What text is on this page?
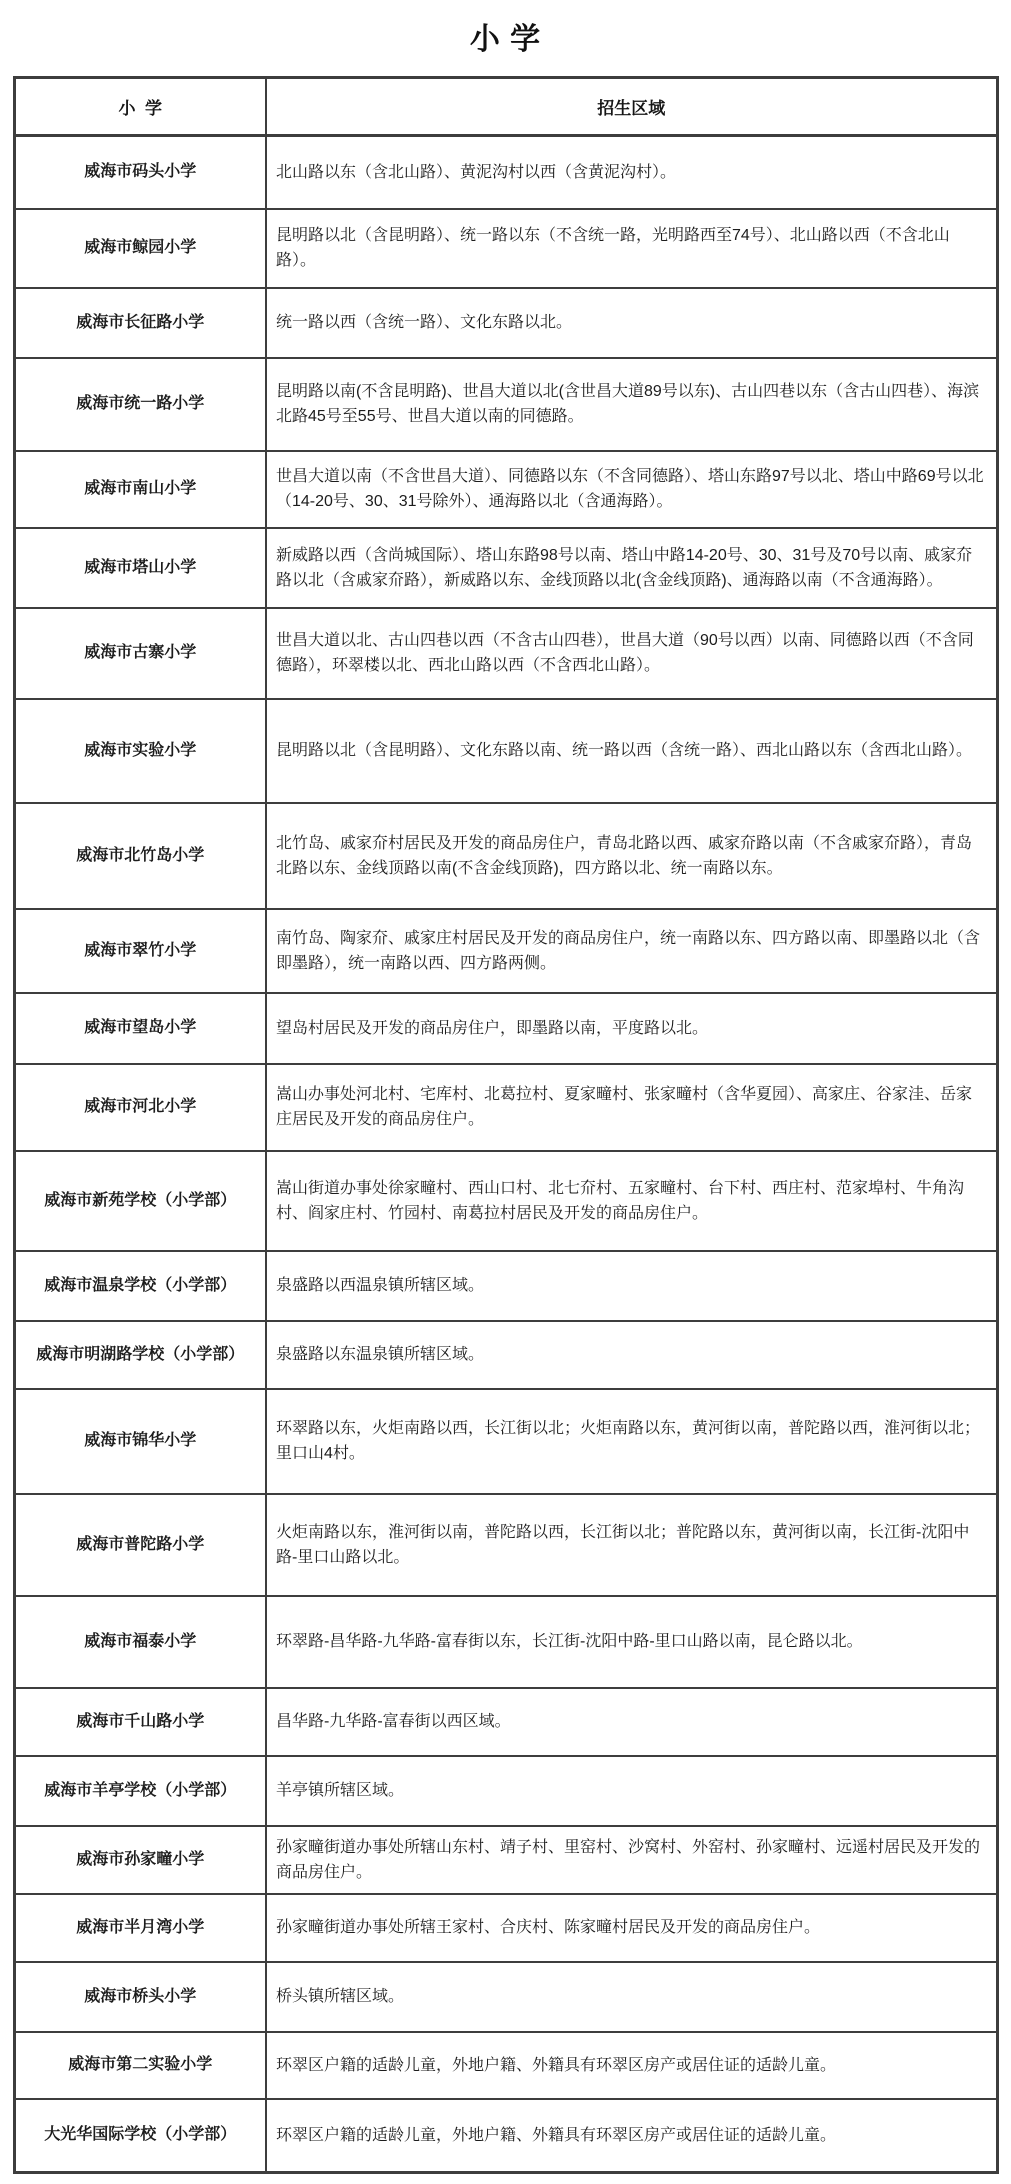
小 学
小  学	招生区域
威海市码头小学	北山路以东（含北山路）、黄泥沟村以西（含黄泥沟村）。
威海市鲸园小学	昆明路以北（含昆明路）、统一路以东（不含统一路，光明路西至74号）、北山路以西（不含北山路）。
威海市长征路小学	统一路以西（含统一路）、文化东路以北。
威海市统一路小学	昆明路以南(不含昆明路)、世昌大道以北(含世昌大道89号以东)、古山四巷以东（含古山四巷）、海滨北路45号至55号、世昌大道以南的同德路。
威海市南山小学	世昌大道以南（不含世昌大道）、同德路以东（不含同德路）、塔山东路97号以北、塔山中路69号以北（14-20号、30、31号除外）、通海路以北（含通海路）。
威海市塔山小学	新威路以西（含尚城国际）、塔山东路98号以南、塔山中路14-20号、30、31号及70号以南、戚家夼路以北（含戚家夼路），新威路以东、金线顶路以北(含金线顶路)、通海路以南（不含通海路）。
威海市古寨小学	世昌大道以北、古山四巷以西（不含古山四巷），世昌大道（90号以西）以南、同德路以西（不含同德路），环翠楼以北、西北山路以西（不含西北山路）。
威海市实验小学	昆明路以北（含昆明路）、文化东路以南、统一路以西（含统一路）、西北山路以东（含西北山路）。
威海市北竹岛小学	北竹岛、戚家夼村居民及开发的商品房住户，青岛北路以西、戚家夼路以南（不含戚家夼路），青岛北路以东、金线顶路以南(不含金线顶路)，四方路以北、统一南路以东。
威海市翠竹小学	南竹岛、陶家夼、戚家庄村居民及开发的商品房住户，统一南路以东、四方路以南、即墨路以北（含即墨路），统一南路以西、四方路两侧。
威海市望岛小学	望岛村居民及开发的商品房住户，即墨路以南，平度路以北。
威海市河北小学	嵩山办事处河北村、宅库村、北葛拉村、夏家疃村、张家疃村（含华夏园）、高家庄、谷家洼、岳家庄居民及开发的商品房住户。
威海市新苑学校（小学部）	嵩山街道办事处徐家疃村、西山口村、北七夼村、五家疃村、台下村、西庄村、范家埠村、牛角沟村、阎家庄村、竹园村、南葛拉村居民及开发的商品房住户。
威海市温泉学校（小学部）	泉盛路以西温泉镇所辖区域。
威海市明湖路学校（小学部）	泉盛路以东温泉镇所辖区域。
威海市锦华小学	环翠路以东，火炬南路以西，长江街以北；火炬南路以东，黄河街以南，普陀路以西，淮河街以北；里口山4村。
威海市普陀路小学	火炬南路以东，淮河街以南，普陀路以西，长江街以北；普陀路以东，黄河街以南，长江街-沈阳中路-里口山路以北。
威海市福泰小学	环翠路-昌华路-九华路-富春街以东，长江街-沈阳中路-里口山路以南，昆仑路以北。
威海市千山路小学	昌华路-九华路-富春街以西区域。
威海市羊亭学校（小学部）	羊亭镇所辖区域。
威海市孙家疃小学	孙家疃街道办事处所辖山东村、靖子村、里窑村、沙窝村、外窑村、孙家疃村、远遥村居民及开发的商品房住户。
威海市半月湾小学	孙家疃街道办事处所辖王家村、合庆村、陈家疃村居民及开发的商品房住户。
威海市桥头小学	桥头镇所辖区域。
威海市第二实验小学	环翠区户籍的适龄儿童，外地户籍、外籍具有环翠区房产或居住证的适龄儿童。
大光华国际学校（小学部）	环翠区户籍的适龄儿童，外地户籍、外籍具有环翠区房产或居住证的适龄儿童。
